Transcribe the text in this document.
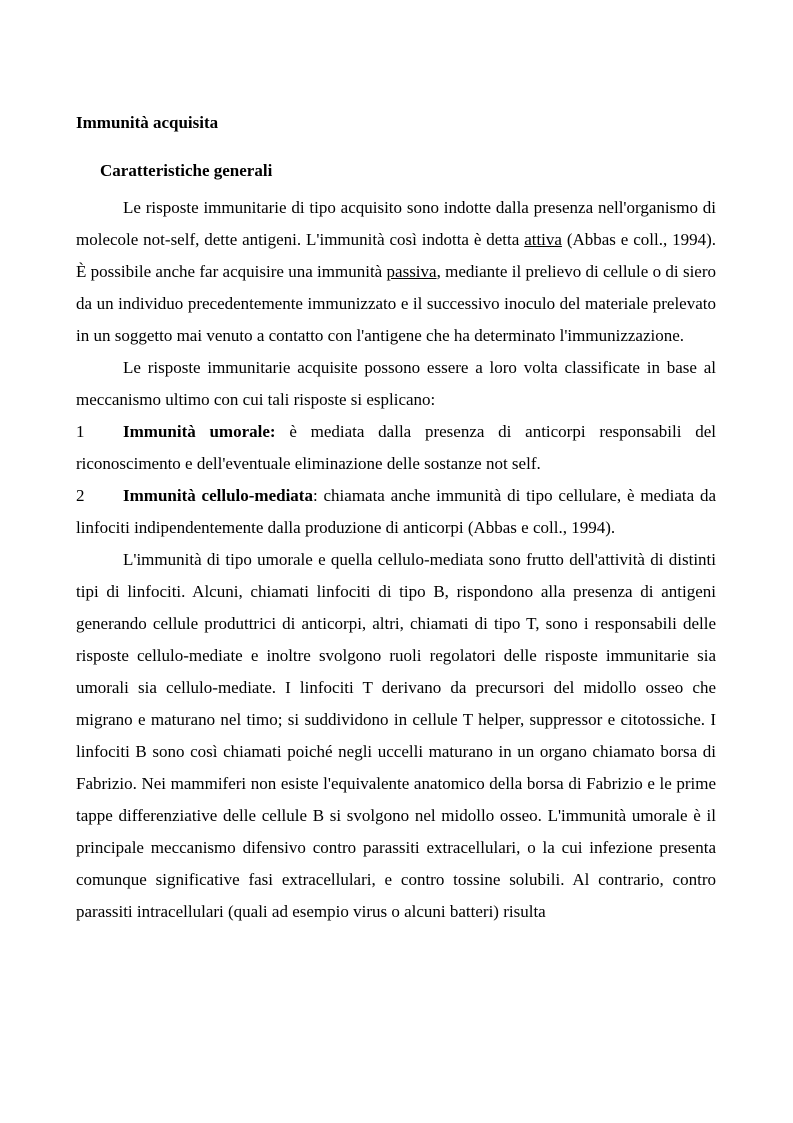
Immunità acquisita
Caratteristiche generali

Le risposte immunitarie di tipo acquisito sono indotte dalla presenza nell'organismo di molecole not-self, dette antigeni. L'immunità così indotta è detta attiva (Abbas e coll., 1994). È possibile anche far acquisire una immunità passiva, mediante il prelievo di cellule o di siero da un individuo precedentemente immunizzato e il successivo inoculo del materiale prelevato in un soggetto mai venuto a contatto con l'antigene che ha determinato l'immunizzazione.

Le risposte immunitarie acquisite possono essere a loro volta classificate in base al meccanismo ultimo con cui tali risposte si esplicano:

1 Immunità umorale: è mediata dalla presenza di anticorpi responsabili del riconoscimento e dell'eventuale eliminazione delle sostanze not self.

2 Immunità cellulo-mediata: chiamata anche immunità di tipo cellulare, è mediata da linfociti indipendentemente dalla produzione di anticorpi (Abbas e coll., 1994).

L'immunità di tipo umorale e quella cellulo-mediata sono frutto dell'attività di distinti tipi di linfociti. Alcuni, chiamati linfociti di tipo B, rispondono alla presenza di antigeni generando cellule produttrici di anticorpi, altri, chiamati di tipo T, sono i responsabili delle risposte cellulo-mediate e inoltre svolgono ruoli regolatori delle risposte immunitarie sia umorali sia cellulo-mediate. I linfociti T derivano da precursori del midollo osseo che migrano e maturano nel timo; si suddividono in cellule T helper, suppressor e citotossiche. I linfociti B sono così chiamati poiché negli uccelli maturano in un organo chiamato borsa di Fabrizio. Nei mammiferi non esiste l'equivalente anatomico della borsa di Fabrizio e le prime tappe differenziative delle cellule B si svolgono nel midollo osseo. L'immunità umorale è il principale meccanismo difensivo contro parassiti extracellulari, o la cui infezione presenta comunque significative fasi extracellulari, e contro tossine solubili. Al contrario, contro parassiti intracellulari (quali ad esempio virus o alcuni batteri) risulta
